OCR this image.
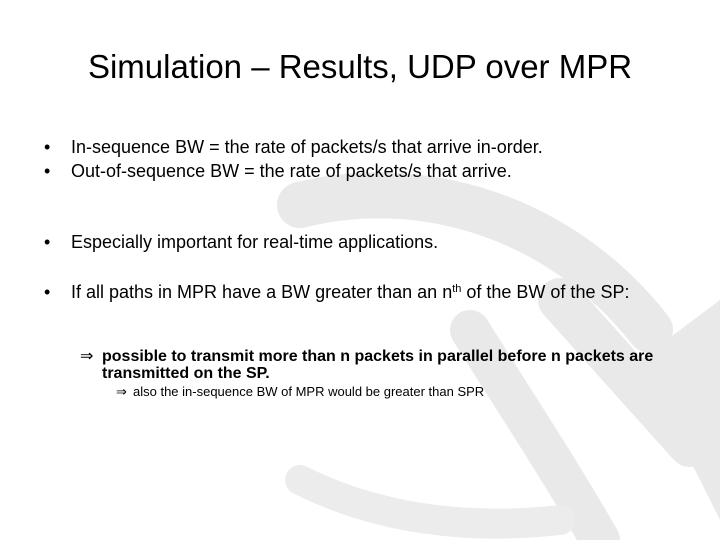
Simulation – Results, UDP over MPR
• In-sequence BW = the rate of packets/s that arrive in-order.
• Out-of-sequence BW = the rate of packets/s that arrive.
• Especially important for real-time applications.
• If all paths in MPR have a BW greater than an $n^{th}$ of the BW of the SP:
⇒ possible to transmit more than n packets in parallel before n packets are transmitted on the SP.
⇒ also the in-sequence BW of MPR would be greater than SPR
